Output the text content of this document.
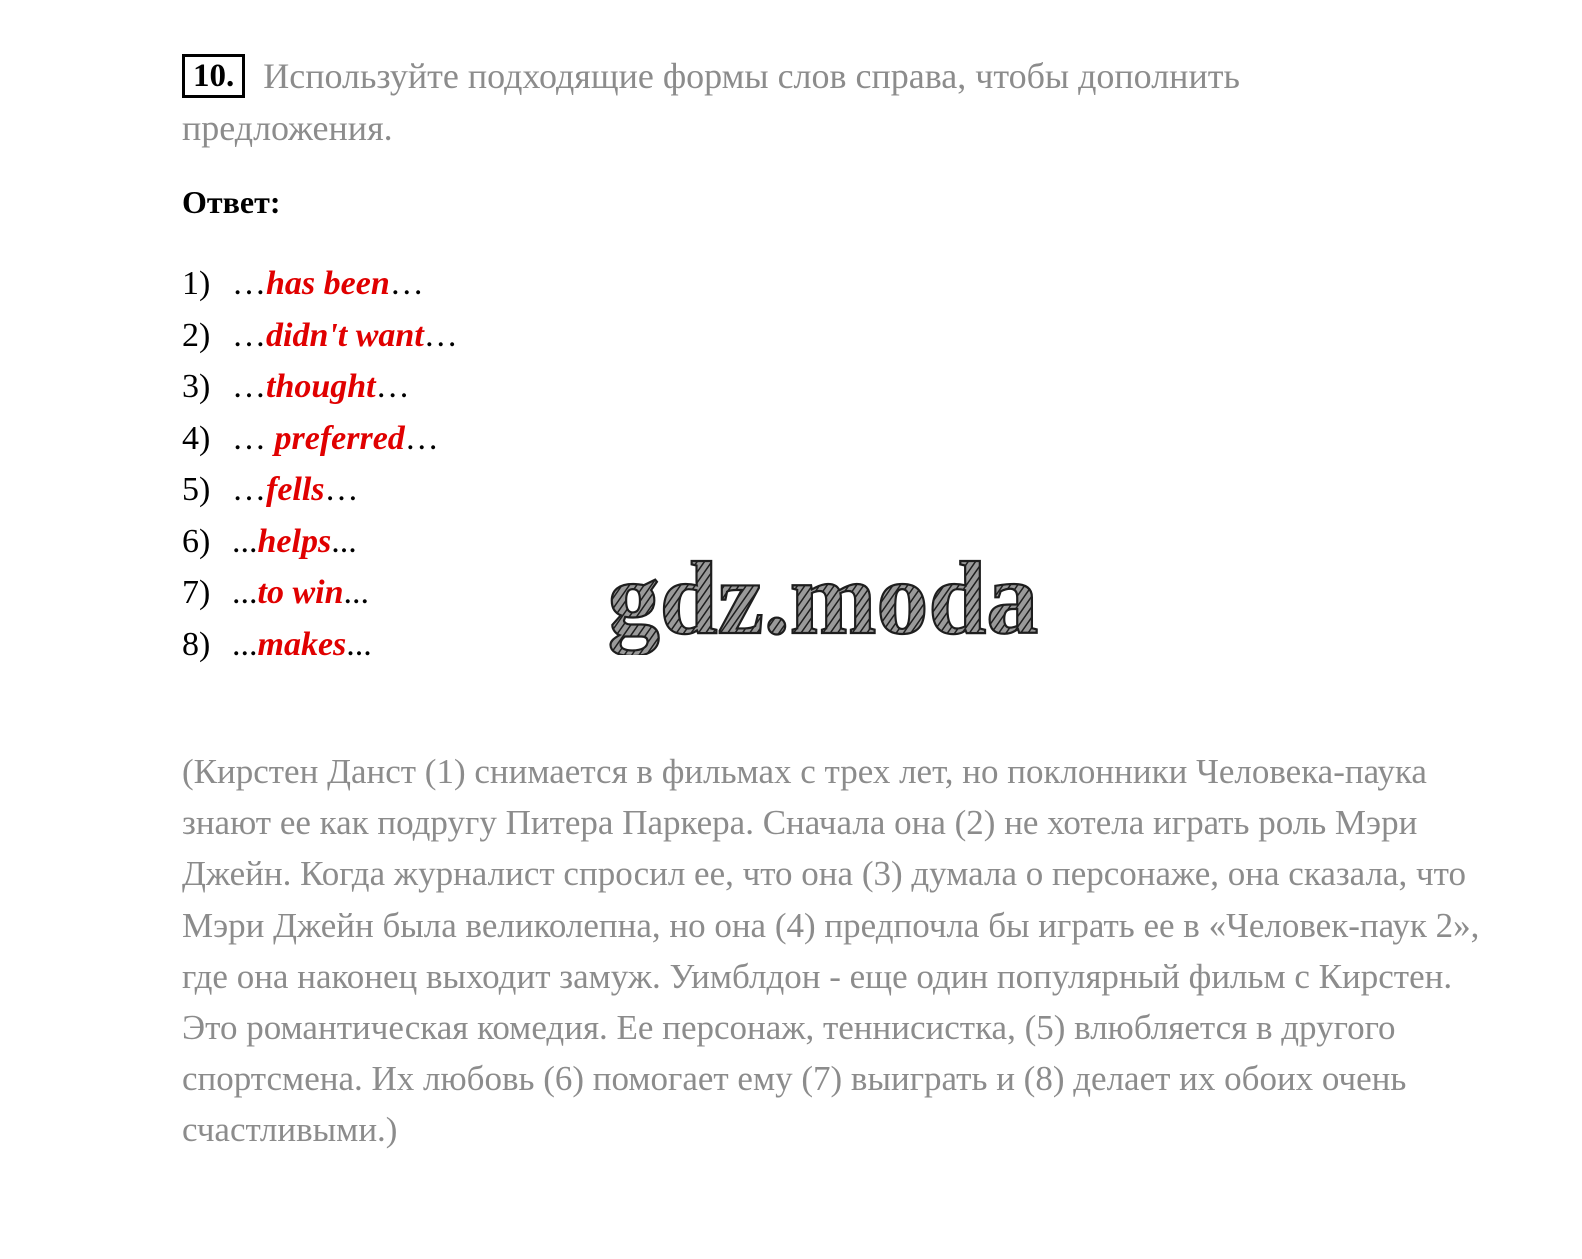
10. Используйте подходящие формы слов справа, чтобы дополнить предложения.
Ответ:
1) …has been…
2) …didn't want…
3) …thought…
4) … preferred…
5) …fells…
6) ...helps...
7) ...to win...
8) ...makes...	gdz.moda

(Кирстен Данст (1) снимается в фильмах с трех лет, но поклонники Человека-паука знают ее как подругу Питера Паркера. Сначала она (2) не хотела играть роль Мэри Джейн. Когда журналист спросил ее, что она (3) думала о персонаже, она сказала, что Мэри Джейн была великолепна, но она (4) предпочла бы играть ее в «Человек-паук 2», где она наконец выходит замуж. Уимблдон - еще один популярный фильм с Кирстен. Это романтическая комедия. Ее персонаж, теннисистка, (5) влюбляется в другого спортсмена. Их любовь (6) помогает ему (7) выиграть и (8) делает их обоих очень счастливыми.)
